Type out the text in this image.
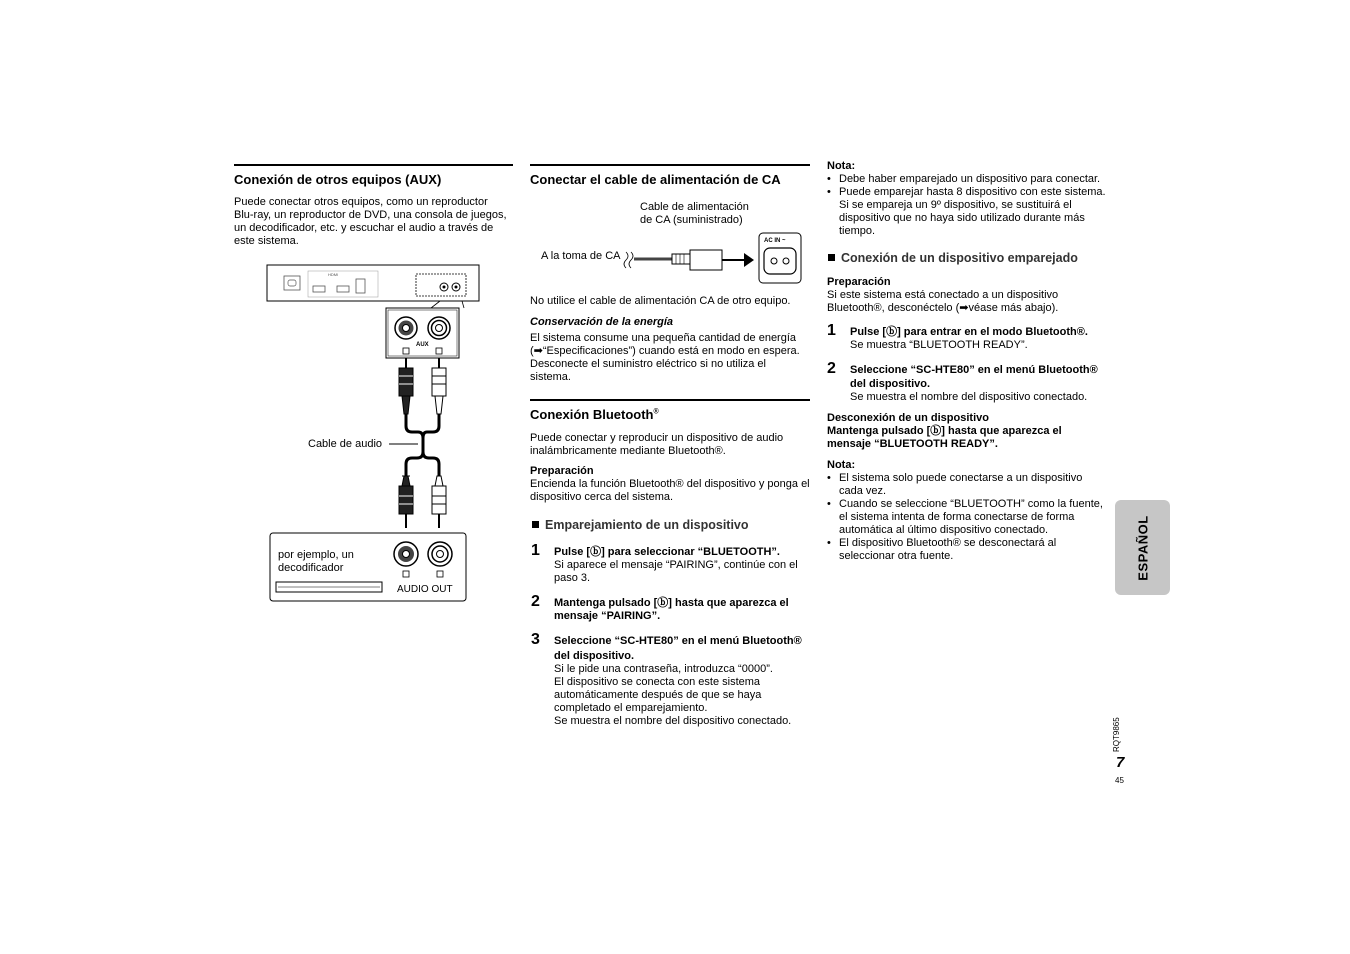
Conexión de otros equipos (AUX)
Puede conectar otros equipos, como un reproductor
Blu-ray, un reproductor de DVD, una consola de juegos,
un decodificador, etc. y escuchar el audio a través de
este sistema.
HDMI
AUX
AUDIO OUT
Cable de audio
por ejemplo, un
decodificador
Conectar el cable de alimentación de CA
Cable de alimentación
de CA (suministrado)
A la toma de CA
AC IN ~
No utilice el cable de alimentación CA de otro equipo.
Conservación de la energía
El sistema consume una pequeña cantidad de energía
(➡“Especificaciones”) cuando está en modo en espera.
Desconecte el suministro eléctrico si no utiliza el
sistema.
Conexión Bluetooth®
Puede conectar y reproducir un dispositivo de audio
inalámbricamente mediante Bluetooth®.
Preparación
Encienda la función Bluetooth® del dispositivo y ponga el
dispositivo cerca del sistema.
Emparejamiento de un dispositivo
1 Pulse [ⓑ] para seleccionar “BLUETOOTH”.
Si aparece el mensaje “PAIRING”, continúe con el
paso 3.
2 Mantenga pulsado [ⓑ] hasta que aparezca el
mensaje “PAIRING”.
3 Seleccione “SC-HTE80” en el menú Bluetooth®
del dispositivo.
Si le pide una contraseña, introduzca “0000”.
El dispositivo se conecta con este sistema
automáticamente después de que se haya
completado el emparejamiento.
Se muestra el nombre del dispositivo conectado.
Nota:
• Debe haber emparejado un dispositivo para conectar.
• Puede emparejar hasta 8 dispositivo con este sistema.
Si se empareja un 9º dispositivo, se sustituirá el
dispositivo que no haya sido utilizado durante más
tiempo.
Conexión de un dispositivo emparejado
Preparación
Si este sistema está conectado a un dispositivo
Bluetooth®, desconéctelo (➡véase más abajo).
1 Pulse [ⓑ] para entrar en el modo Bluetooth®.
Se muestra “BLUETOOTH READY”.
2 Seleccione “SC-HTE80” en el menú Bluetooth®
del dispositivo.
Se muestra el nombre del dispositivo conectado.
Desconexión de un dispositivo
Mantenga pulsado [ⓑ] hasta que aparezca el
mensaje “BLUETOOTH READY”.
Nota:
• El sistema solo puede conectarse a un dispositivo
cada vez.
• Cuando se seleccione “BLUETOOTH” como la fuente,
el sistema intenta de forma conectarse de forma
automática al último dispositivo conectado.
• El dispositivo Bluetooth® se desconectará al
seleccionar otra fuente.	ESPAÑOL
RQT9865
7
45
